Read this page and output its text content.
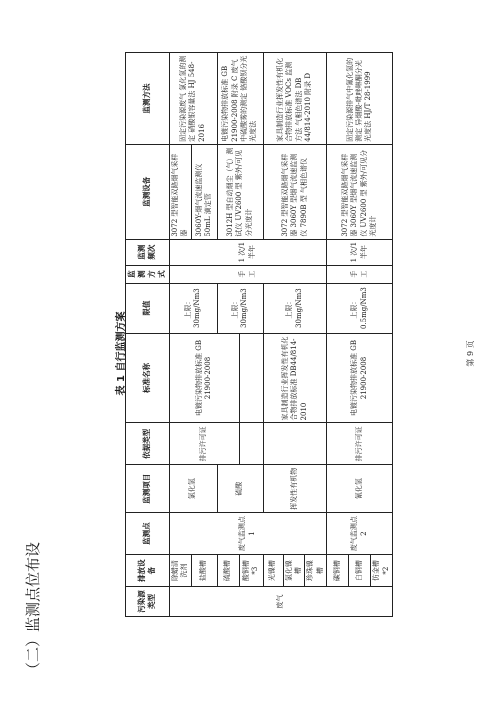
（二）监测点位布设
表 1 自行监测方案
污染源类型	排放设备	监测点	监测项目	依据类型	标准名称	限值	监测方式	监测频次	监测设备	监测方法
废气	除蜡清洗剂	废气监测点 1	氯化氢	排污许可证	电镀污染物排放标准 GB 21900-2008	上限：30mg/Nm3	手工	1 次/1 半年	3072 型智能双路烟气采样器	固定污染源废气 氯化氢的测定 硝酸银容量法 HJ 548-2016
	盐酸槽								3060Y-烟气流速监测仪 50mL 滴定管	

	硫酸槽		硫酸			上限：30mg/Nm3			3012H 型自动烟尘（气）测试仪 UV2600 型 紫外/可见分光度计	电镀污染物排放标准 GB 21900-2008 附录 C 废气中硫酸雾的测定 铬酸钡分光光度法
	酸铜槽*3									
	光镍槽		挥发性有机物		家具制造行业挥发性有机化合物排放标准 DB44/814-2010	上限：30mg/Nm3			3072 型智能双路烟气采样器 3060Y 型烟气流速监测仪 7890B 型 气相色谱仪	家具制造行业挥发性有机化合物排放标准 VOCs 监测方法 气相色谱法 DB 44/814-2010 附录 D
	氯化镍槽									
	珍珠镍槽									
	碳铜槽	废气监测点 2	氰化氢	排污许可证	电镀污染物排放标准 GB 21900-2008	上限：0.5mg/Nm3	手工	1 次/1 半年	3072 型智能双路烟气采样器 3060Y 型烟气流速监测仪 UV2600 型 紫外/可见分光度计	固定污染源排气中氰化氢的测定 异烟酸-吡唑啉酮分光光度法 HJ/T 28-1999
	白铜槽									
	仿金槽*2									
第 9 页
